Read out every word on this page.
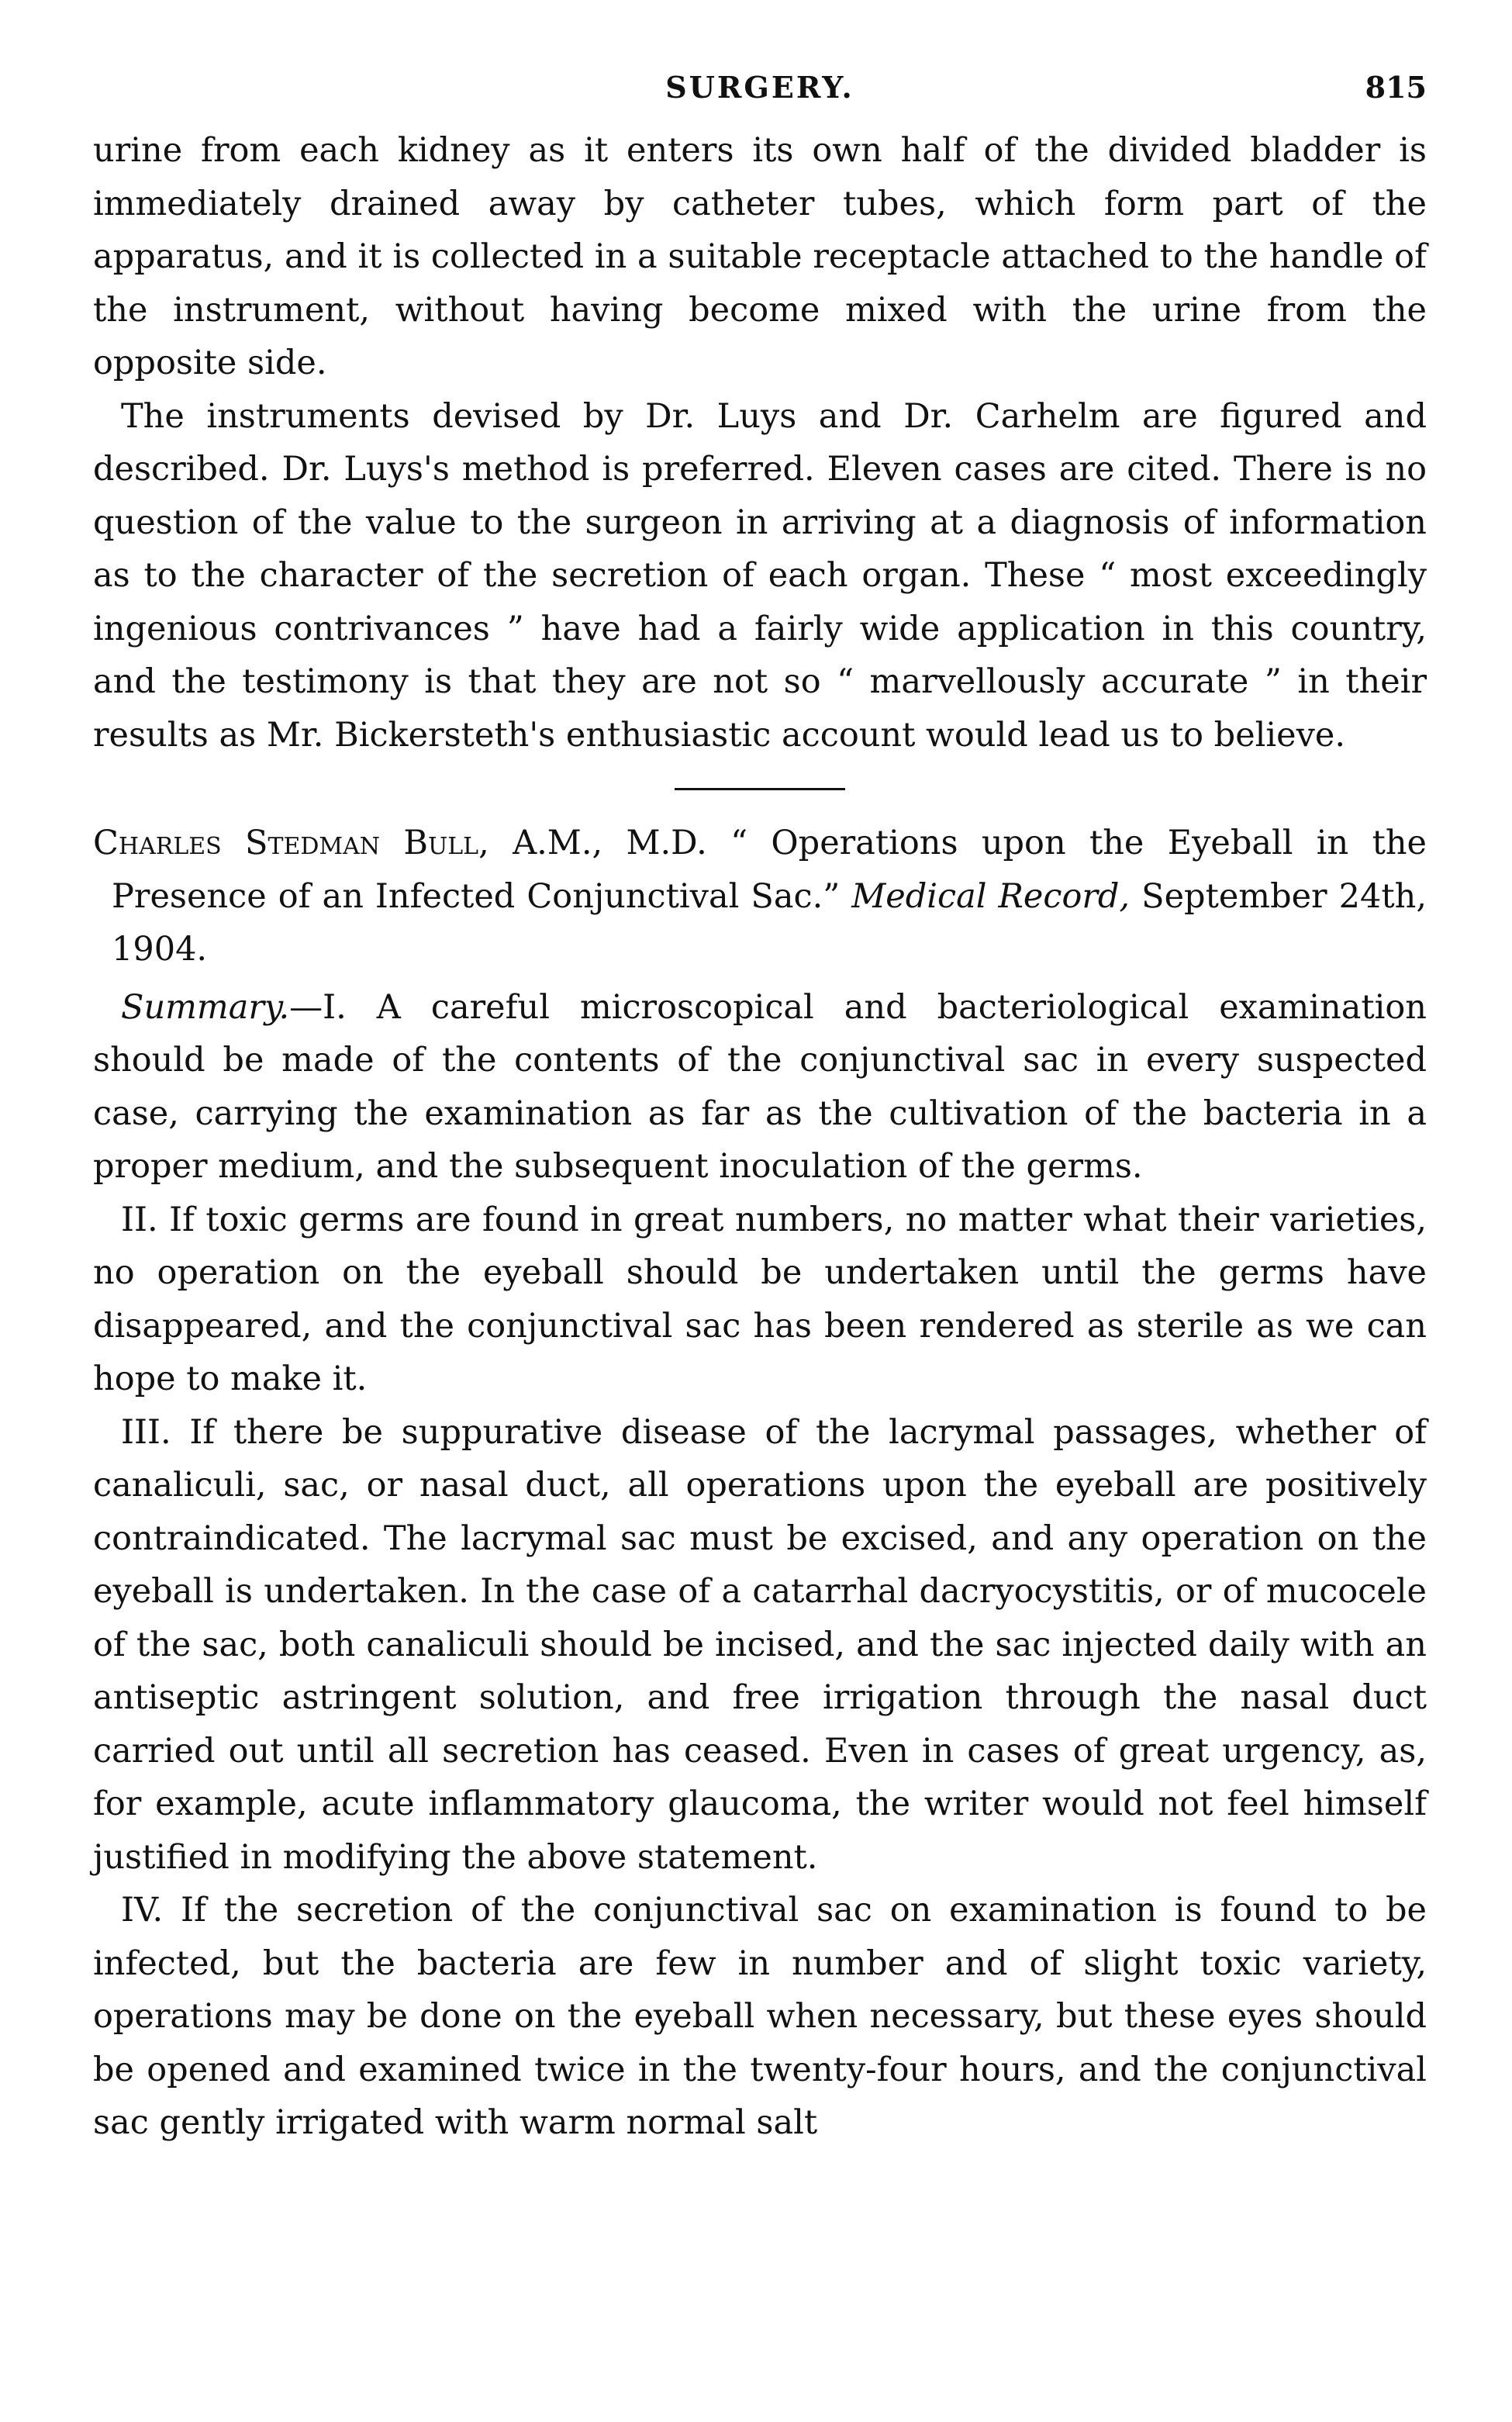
SURGERY.	815

urine from each kidney as it enters its own half of the divided bladder is immediately drained away by catheter tubes, which form part of the apparatus, and it is collected in a suitable receptacle attached to the handle of the instrument, without having become mixed with the urine from the opposite side.

The instruments devised by Dr. Luys and Dr. Carhelm are figured and described. Dr. Luys's method is preferred. Eleven cases are cited. There is no question of the value to the surgeon in arriving at a diagnosis of information as to the character of the secretion of each organ. These “ most exceedingly ingenious contrivances ” have had a fairly wide application in this country, and the testimony is that they are not so “ marvellously accurate ” in their results as Mr. Bickersteth's enthusiastic account would lead us to believe.

Charles Stedman Bull, A.M., M.D. “ Operations upon the Eyeball in the Presence of an Infected Conjunctival Sac.” Medical Record, September 24th, 1904.

Summary.—I. A careful microscopical and bacteriological examination should be made of the contents of the conjunctival sac in every suspected case, carrying the examination as far as the cultivation of the bacteria in a proper medium, and the subsequent inoculation of the germs.

II. If toxic germs are found in great numbers, no matter what their varieties, no operation on the eyeball should be undertaken until the germs have disappeared, and the conjunctival sac has been rendered as sterile as we can hope to make it.

III. If there be suppurative disease of the lacrymal passages, whether of canaliculi, sac, or nasal duct, all operations upon the eyeball are positively contraindicated. The lacrymal sac must be excised, and any operation on the eyeball is undertaken. In the case of a catarrhal dacryocystitis, or of mucocele of the sac, both canaliculi should be incised, and the sac injected daily with an antiseptic astringent solution, and free irrigation through the nasal duct carried out until all secretion has ceased. Even in cases of great urgency, as, for example, acute inflammatory glaucoma, the writer would not feel himself justified in modifying the above statement.

IV. If the secretion of the conjunctival sac on examination is found to be infected, but the bacteria are few in number and of slight toxic variety, operations may be done on the eyeball when necessary, but these eyes should be opened and examined twice in the twenty-four hours, and the conjunctival sac gently irrigated with warm normal salt
